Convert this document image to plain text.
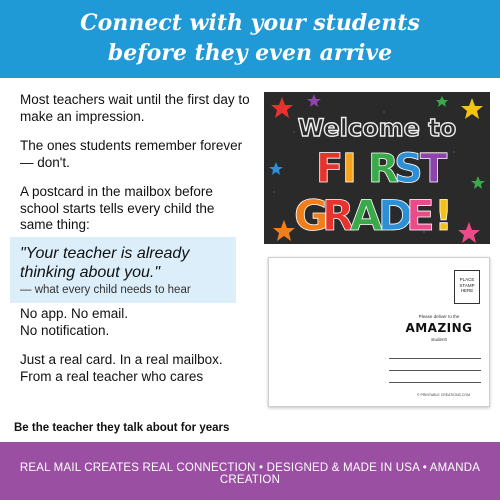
Connect with your students
before they even arrive

Most teachers wait until the first day to make an impression.

The ones students remember forever — don't.

A postcard in the mailbox before school starts tells every child the same thing:

"Your teacher is already thinking about you."
— what every child needs to hear

No app. No email.
No notification.

Just a real card. In a real mailbox.
From a real teacher who cares

Be the teacher they talk about for years
Welcome to
F
I R
S
T
G
R
A
D
E !
PLACE STAMP HERE
Please deliver to the
AMAZING
student!
© PRINTABLE CREATIONS.COM
REAL MAIL CREATES REAL CONNECTION • DESIGNED & MADE IN USA • AMANDA CREATION
